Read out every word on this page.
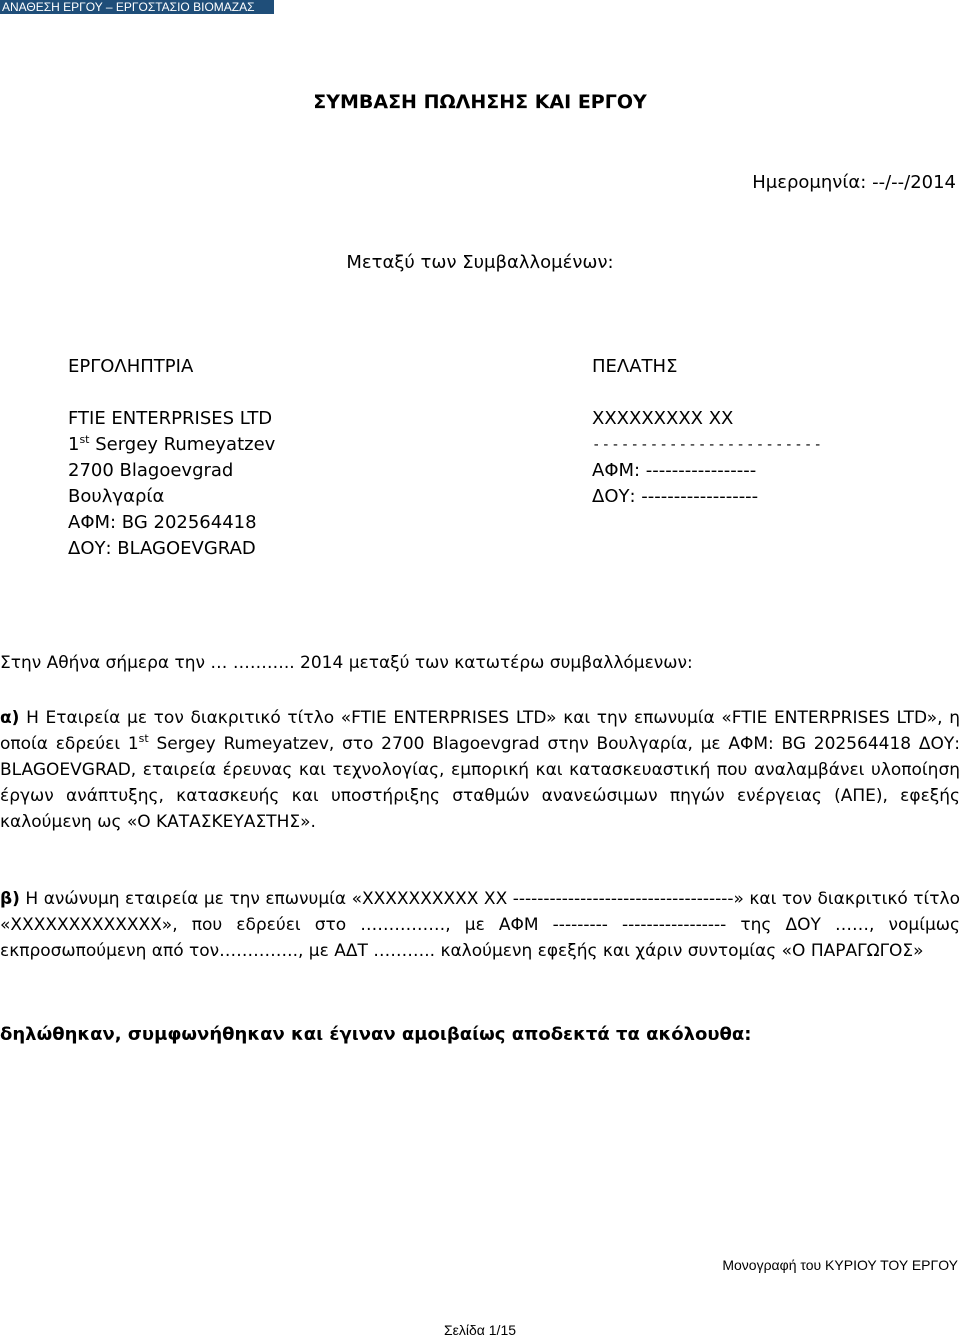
ΑΝΑΘΕΣΗ ΕΡΓΟΥ – ΕΡΓΟΣΤΑΣΙΟ ΒΙΟΜΑΖΑΣ
ΣΥΜΒΑΣΗ ΠΩΛΗΣΗΣ ΚΑΙ ΕΡΓΟΥ
Ημερομηνία: --/--/2014
Μεταξύ των Συμβαλλομένων:
ΕΡΓΟΛΗΠΤΡΙΑ
FTIE ENTERPRISES LTD
1st Sergey Rumeyatzev
2700 Blagoevgrad
Βουλγαρία
ΑΦΜ: BG 202564418
ΔΟΥ: BLAGOEVGRAD
ΠΕΛΑΤΗΣ
XXXXXXXXX XX
------------------------
ΑΦΜ: -----------------
ΔΟΥ: ------------------
Στην Αθήνα σήμερα την … ……….. 2014 μεταξύ των κατωτέρω συμβαλλόμενων:
α) Η Εταιρεία με τον διακριτικό τίτλο «FTIE ENTERPRISES LTD» και την επωνυμία «FTIE ENTERPRISES LTD», η οποία εδρεύει 1st Sergey Rumeyatzev, στο 2700 Blagoevgrad στην Βουλγαρία, με ΑΦΜ: BG 202564418 ΔΟΥ: BLAGOEVGRAD, εταιρεία έρευνας και τεχνολογίας, εμπορική και κατασκευαστική που αναλαμβάνει υλοποίηση έργων ανάπτυξης, κατασκευής και υποστήριξης σταθμών ανανεώσιμων πηγών ενέργειας (ΑΠΕ), εφεξής καλούμενη ως «Ο ΚΑΤΑΣΚΕΥΑΣΤΗΣ».
β) Η ανώνυμη εταιρεία με την επωνυμία «XXXXXXXXXX XX ------------------------------------» και τον διακριτικό τίτλο «XXXXXXXXXXXXX», που εδρεύει στο ……………, με ΑΦΜ --------- ----------------- της ΔΟΥ ……, νομίμως εκπροσωπούμενη από τον………….., με ΑΔΤ ……….. καλούμενη εφεξής και χάριν συντομίας «Ο ΠΑΡΑΓΩΓΟΣ»
δηλώθηκαν, συμφωνήθηκαν και έγιναν αμοιβαίως αποδεκτά τα ακόλουθα:
Μονογραφή του ΚΥΡΙΟΥ ΤΟΥ ΕΡΓΟΥ
Σελίδα 1/15
